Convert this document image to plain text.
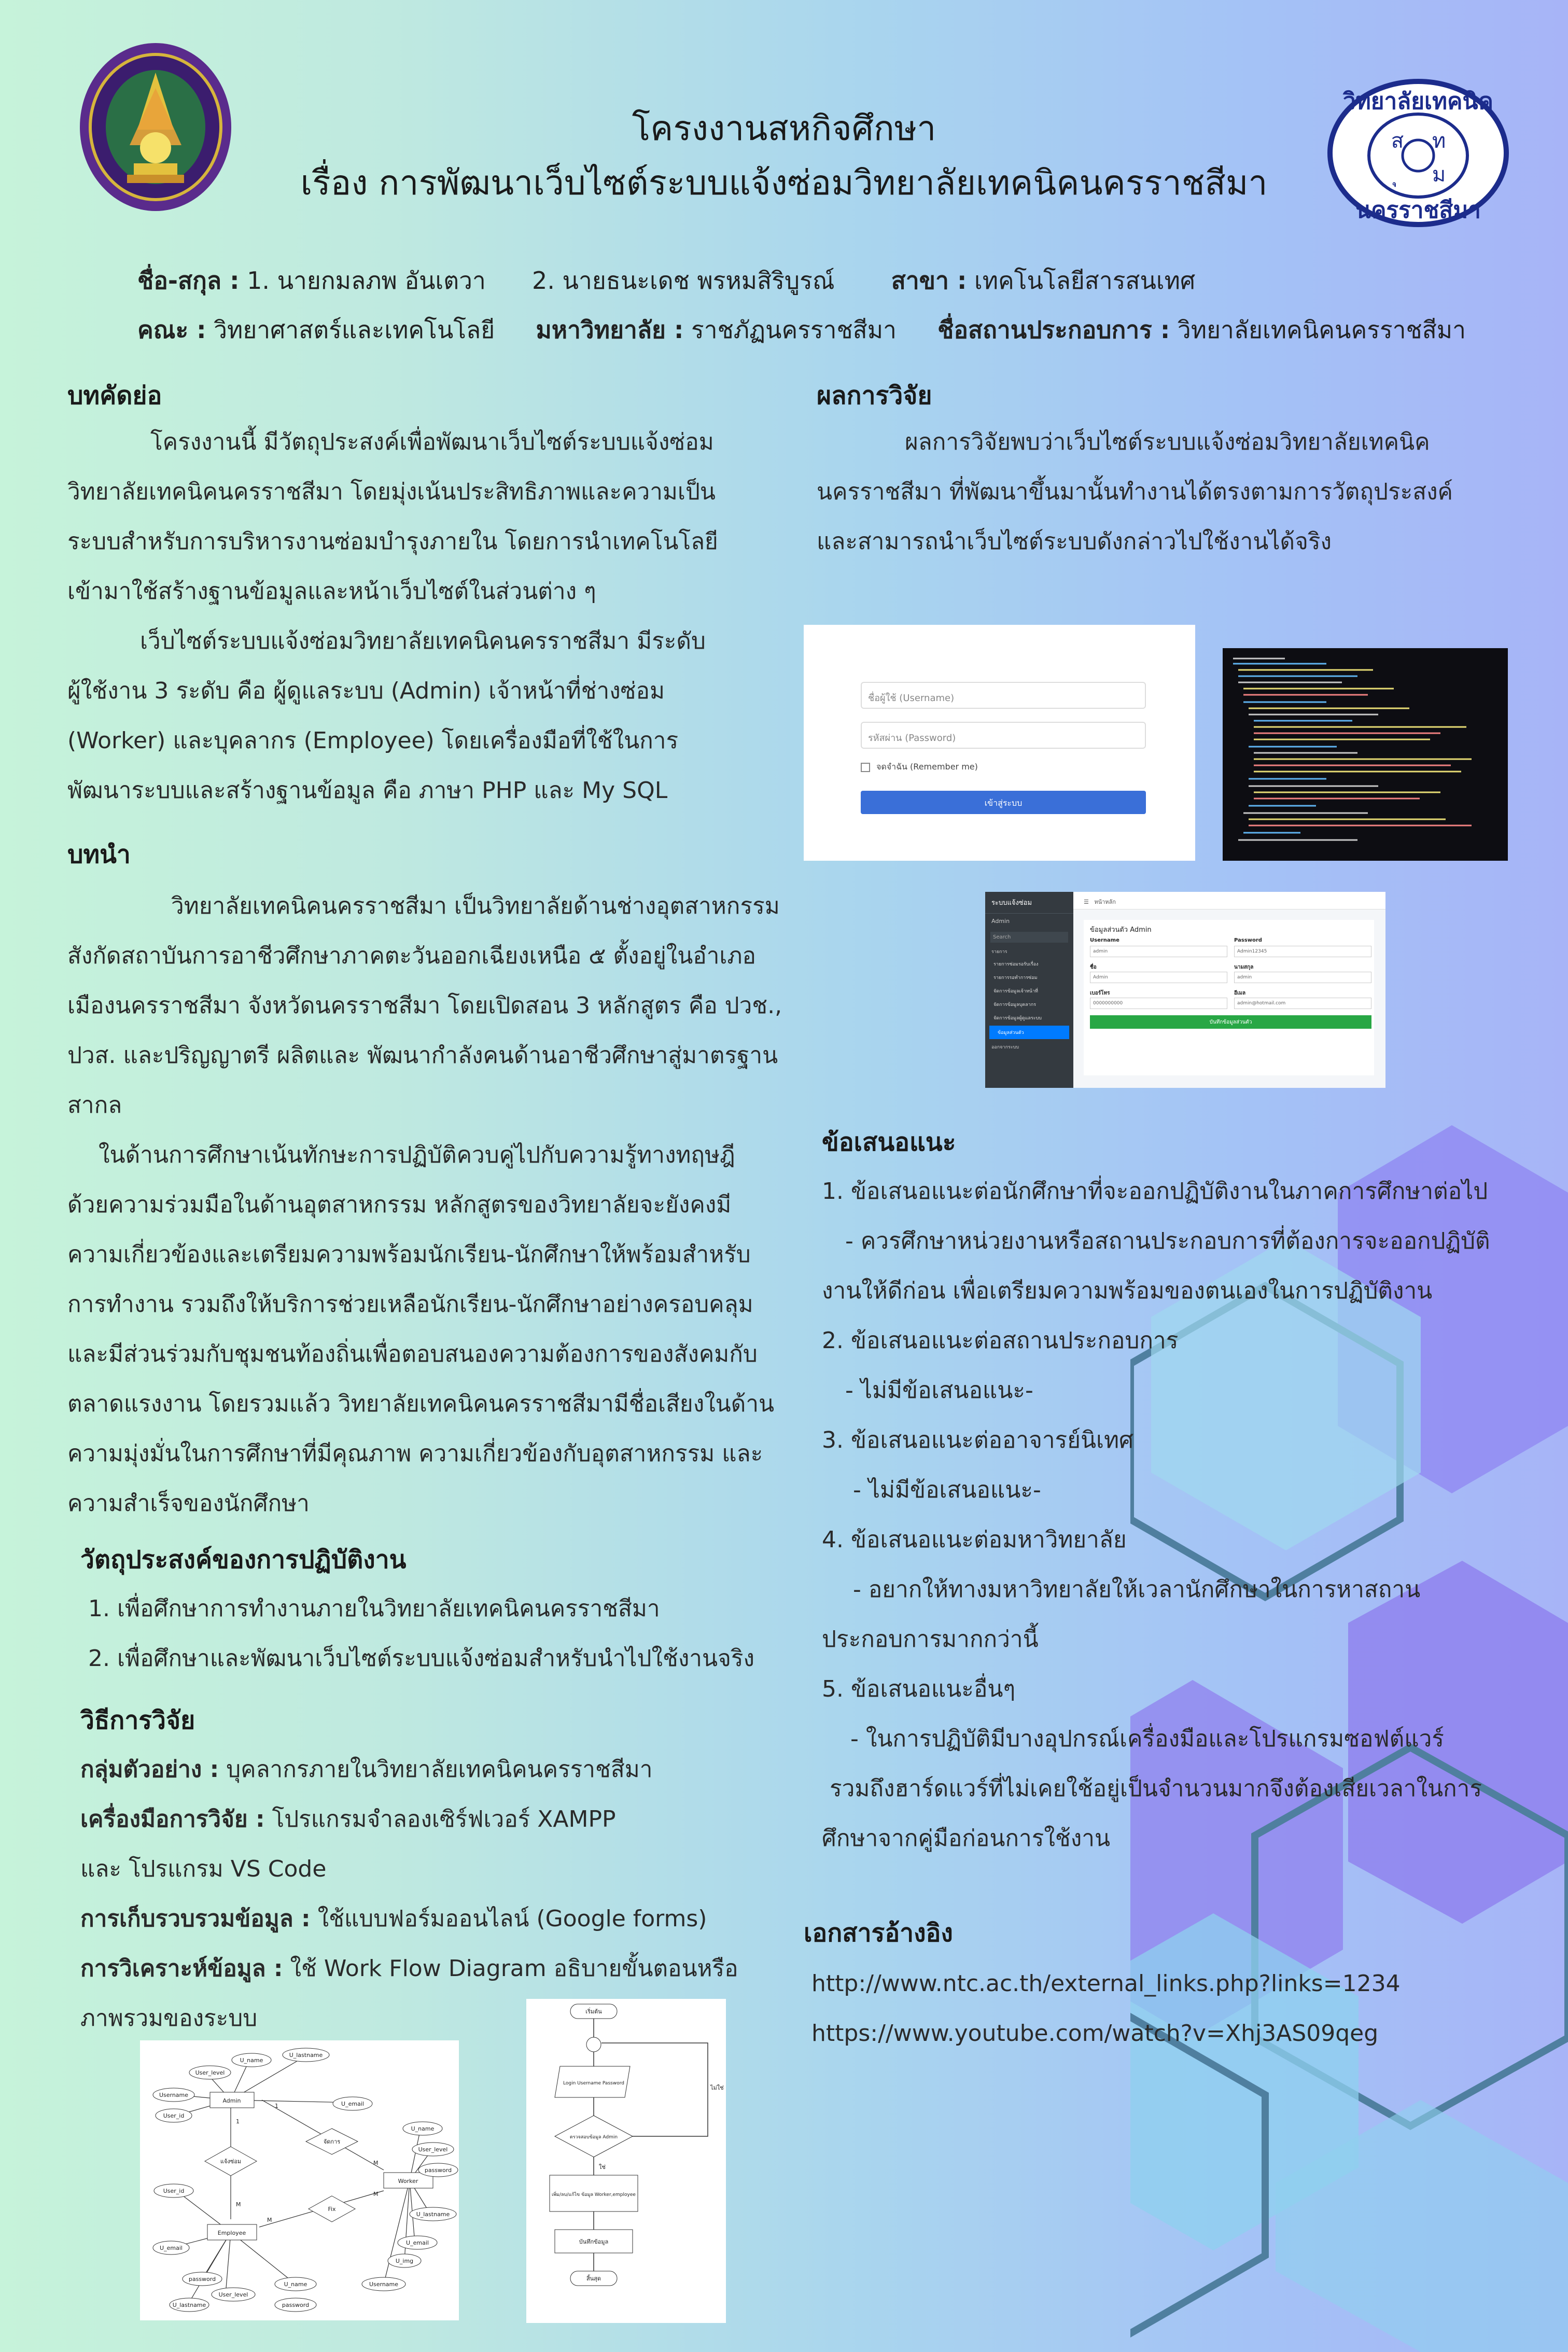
วิทยาลัยเทคนิค
นครราชสีมา
ส ท
ม
โครงงานสหกิจศึกษา
เรื่อง การพัฒนาเว็บไซต์ระบบแจ้งซ่อมวิทยาลัยเทคนิคนครราชสีมา
ชื่อ-สกุล : 1. นายกมลภพ อันเตวา 2. นายธนะเดช พรหมสิริบูรณ์ สาขา : เทคโนโลยีสารสนเทศ
คณะ : วิทยาศาสตร์และเทคโนโลยี มหาวิทยาลัย : ราชภัฏนครราชสีมา ชื่อสถานประกอบการ : วิทยาลัยเทคนิคนครราชสีมา
บทคัดย่อ
โครงงานนี้ มีวัตถุประสงค์เพื่อพัฒนาเว็บไซต์ระบบแจ้งซ่อม
วิทยาลัยเทคนิคนครราชสีมา โดยมุ่งเน้นประสิทธิภาพและความเป็น
ระบบสำหรับการบริหารงานซ่อมบำรุงภายใน โดยการนำเทคโนโลยี
เข้ามาใช้สร้างฐานข้อมูลและหน้าเว็บไซต์ในส่วนต่าง ๆ
เว็บไซต์ระบบแจ้งซ่อมวิทยาลัยเทคนิคนครราชสีมา มีระดับ
ผู้ใช้งาน 3 ระดับ คือ ผู้ดูแลระบบ (Admin) เจ้าหน้าที่ช่างซ่อม
(Worker) และบุคลากร (Employee) โดยเครื่องมือที่ใช้ในการ
พัฒนาระบบและสร้างฐานข้อมูล คือ ภาษา PHP และ My SQL
บทนำ
วิทยาลัยเทคนิคนครราชสีมา เป็นวิทยาลัยด้านช่างอุตสาหกรรม
สังกัดสถาบันการอาชีวศึกษาภาคตะวันออกเฉียงเหนือ ๕ ตั้งอยู่ในอำเภอ
เมืองนครราชสีมา จังหวัดนครราชสีมา โดยเปิดสอน 3 หลักสูตร คือ ปวช.,
ปวส. และปริญญาตรี ผลิตและ พัฒนากำลังคนด้านอาชีวศึกษาสู่มาตรฐาน
สากล
ในด้านการศึกษาเน้นทักษะการปฏิบัติควบคู่ไปกับความรู้ทางทฤษฎี
ด้วยความร่วมมือในด้านอุตสาหกรรม หลักสูตรของวิทยาลัยจะยังคงมี
ความเกี่ยวข้องและเตรียมความพร้อมนักเรียน-นักศึกษาให้พร้อมสำหรับ
การทำงาน รวมถึงให้บริการช่วยเหลือนักเรียน-นักศึกษาอย่างครอบคลุม
และมีส่วนร่วมกับชุมชนท้องถิ่นเพื่อตอบสนองความต้องการของสังคมกับ
ตลาดแรงงาน โดยรวมแล้ว วิทยาลัยเทคนิคนครราชสีมามีชื่อเสียงในด้าน
ความมุ่งมั่นในการศึกษาที่มีคุณภาพ ความเกี่ยวข้องกับอุตสาหกรรม และ
ความสำเร็จของนักศึกษา
วัตถุประสงค์ของการปฏิบัติงาน
1. เพื่อศึกษาการทำงานภายในวิทยาลัยเทคนิคนครราชสีมา
2. เพื่อศึกษาและพัฒนาเว็บไซต์ระบบแจ้งซ่อมสำหรับนำไปใช้งานจริง
วิธีการวิจัย
กลุ่มตัวอย่าง : บุคลากรภายในวิทยาลัยเทคนิคนครราชสีมา
เครื่องมือการวิจัย : โปรแกรมจำลองเซิร์ฟเวอร์ XAMPP
และ โปรแกรม VS Code
การเก็บรวบรวมข้อมูล : ใช้แบบฟอร์มออนไลน์ (Google forms)
การวิเคราะห์ข้อมูล : ใช้ Work Flow Diagram อธิบายขั้นตอนหรือ
ภาพรวมของระบบ
Admin
Employee
Worker
แจ้งซ่อม
จัดการ
Fix
User_level
U_name
U_lastname
Username
User_id
U_email
U_name
User_level
password
U_lastname
U_email
U_img
Username
User_id
U_email
password
User_level
U_lastname
U_name
password
1
1
M
M
M
M
เริ่มต้น
Login Username Password
ตรวจสอบข้อมูล Admin
ไม่ใช่
ใช่
เพิ่ม/ลบ/แก้ไข ข้อมูล Worker,employee
บันทึกข้อมูล
สิ้นสุด
ผลการวิจัย
ผลการวิจัยพบว่าเว็บไซต์ระบบแจ้งซ่อมวิทยาลัยเทคนิค
นครราชสีมา ที่พัฒนาขึ้นมานั้นทำงานได้ตรงตามการวัตถุประสงค์
และสามารถนำเว็บไซต์ระบบดังกล่าวไปใช้งานได้จริง
ชื่อผู้ใช้ (Username)
รหัสผ่าน (Password)
จดจำฉัน (Remember me)
เข้าสู่ระบบ
ระบบแจ้งซ่อม
Admin
Search
รายการ
รายการซ่อมรอรับเรื่อง
รายการรอทำการซ่อม
จัดการข้อมูลเจ้าหน้าที่
จัดการข้อมูลบุคลากร
จัดการข้อมูลผู้ดูแลระบบ
ข้อมูลส่วนตัว
ออกจากระบบ
☰   หน้าหลัก
ข้อมูลส่วนตัว Admin
Username
admin
Password
Admin12345
ชื่อ
Admin
นามสกุล
admin
เบอร์โทร
0000000000
อีเมล
admin@hotmail.com
บันทึกข้อมูลส่วนตัว
ข้อเสนอแนะ
1. ข้อเสนอแนะต่อนักศึกษาที่จะออกปฏิบัติงานในภาคการศึกษาต่อไป
- ควรศึกษาหน่วยงานหรือสถานประกอบการที่ต้องการจะออกปฏิบัติ
งานให้ดีก่อน เพื่อเตรียมความพร้อมของตนเองในการปฏิบัติงาน
2. ข้อเสนอแนะต่อสถานประกอบการ
- ไม่มีข้อเสนอแนะ-
3. ข้อเสนอแนะต่ออาจารย์นิเทศ
- ไม่มีข้อเสนอแนะ-
4. ข้อเสนอแนะต่อมหาวิทยาลัย
- อยากให้ทางมหาวิทยาลัยให้เวลานักศึกษาในการหาสถาน
ประกอบการมากกว่านี้
5. ข้อเสนอแนะอื่นๆ
- ในการปฏิบัติมีบางอุปกรณ์เครื่องมือและโปรแกรมซอฟต์แวร์
รวมถึงฮาร์ดแวร์ที่ไม่เคยใช้อยู่เป็นจำนวนมากจึงต้องเสียเวลาในการ
ศึกษาจากคู่มือก่อนการใช้งาน
เอกสารอ้างอิง
http://www.ntc.ac.th/external_links.php?links=1234
https://www.youtube.com/watch?v=Xhj3AS09qeg
